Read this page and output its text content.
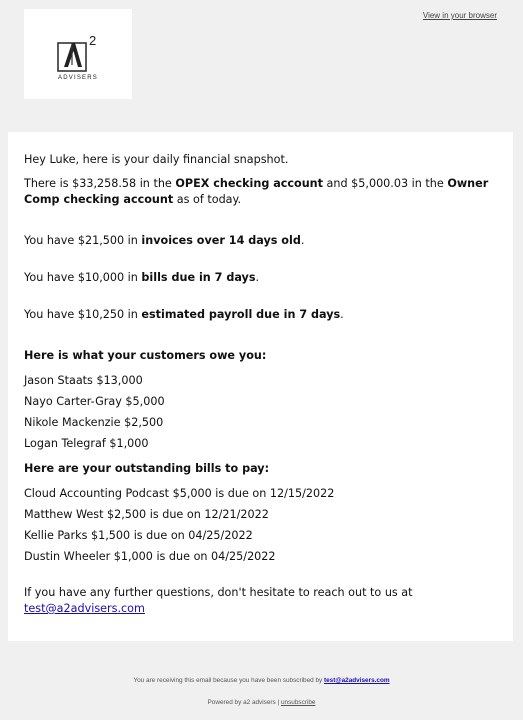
2
ADVISERS
View in your browser

Hey Luke, here is your daily financial snapshot.

There is $33,258.58 in the OPEX checking account and $5,000.03 in the Owner Comp checking account as of today.

You have $21,500 in invoices over 14 days old.

You have $10,000 in bills due in 7 days.

You have $10,250 in estimated payroll due in 7 days.

Here is what your customers owe you:

Jason Staats $13,000
Nayo Carter-Gray $5,000
Nikole Mackenzie $2,500
Logan Telegraf $1,000

Here are your outstanding bills to pay:

Cloud Accounting Podcast $5,000 is due on 12/15/2022
Matthew West $2,500 is due on 12/21/2022
Kellie Parks $1,500 is due on 04/25/2022
Dustin Wheeler $1,000 is due on 04/25/2022

If you have any further questions, don't hesitate to reach out to us at
test@a2advisers.com

You are receiving this email because you have been subscribed by test@a2advisers.com
Powered by a2 advisers | unsubscribe
